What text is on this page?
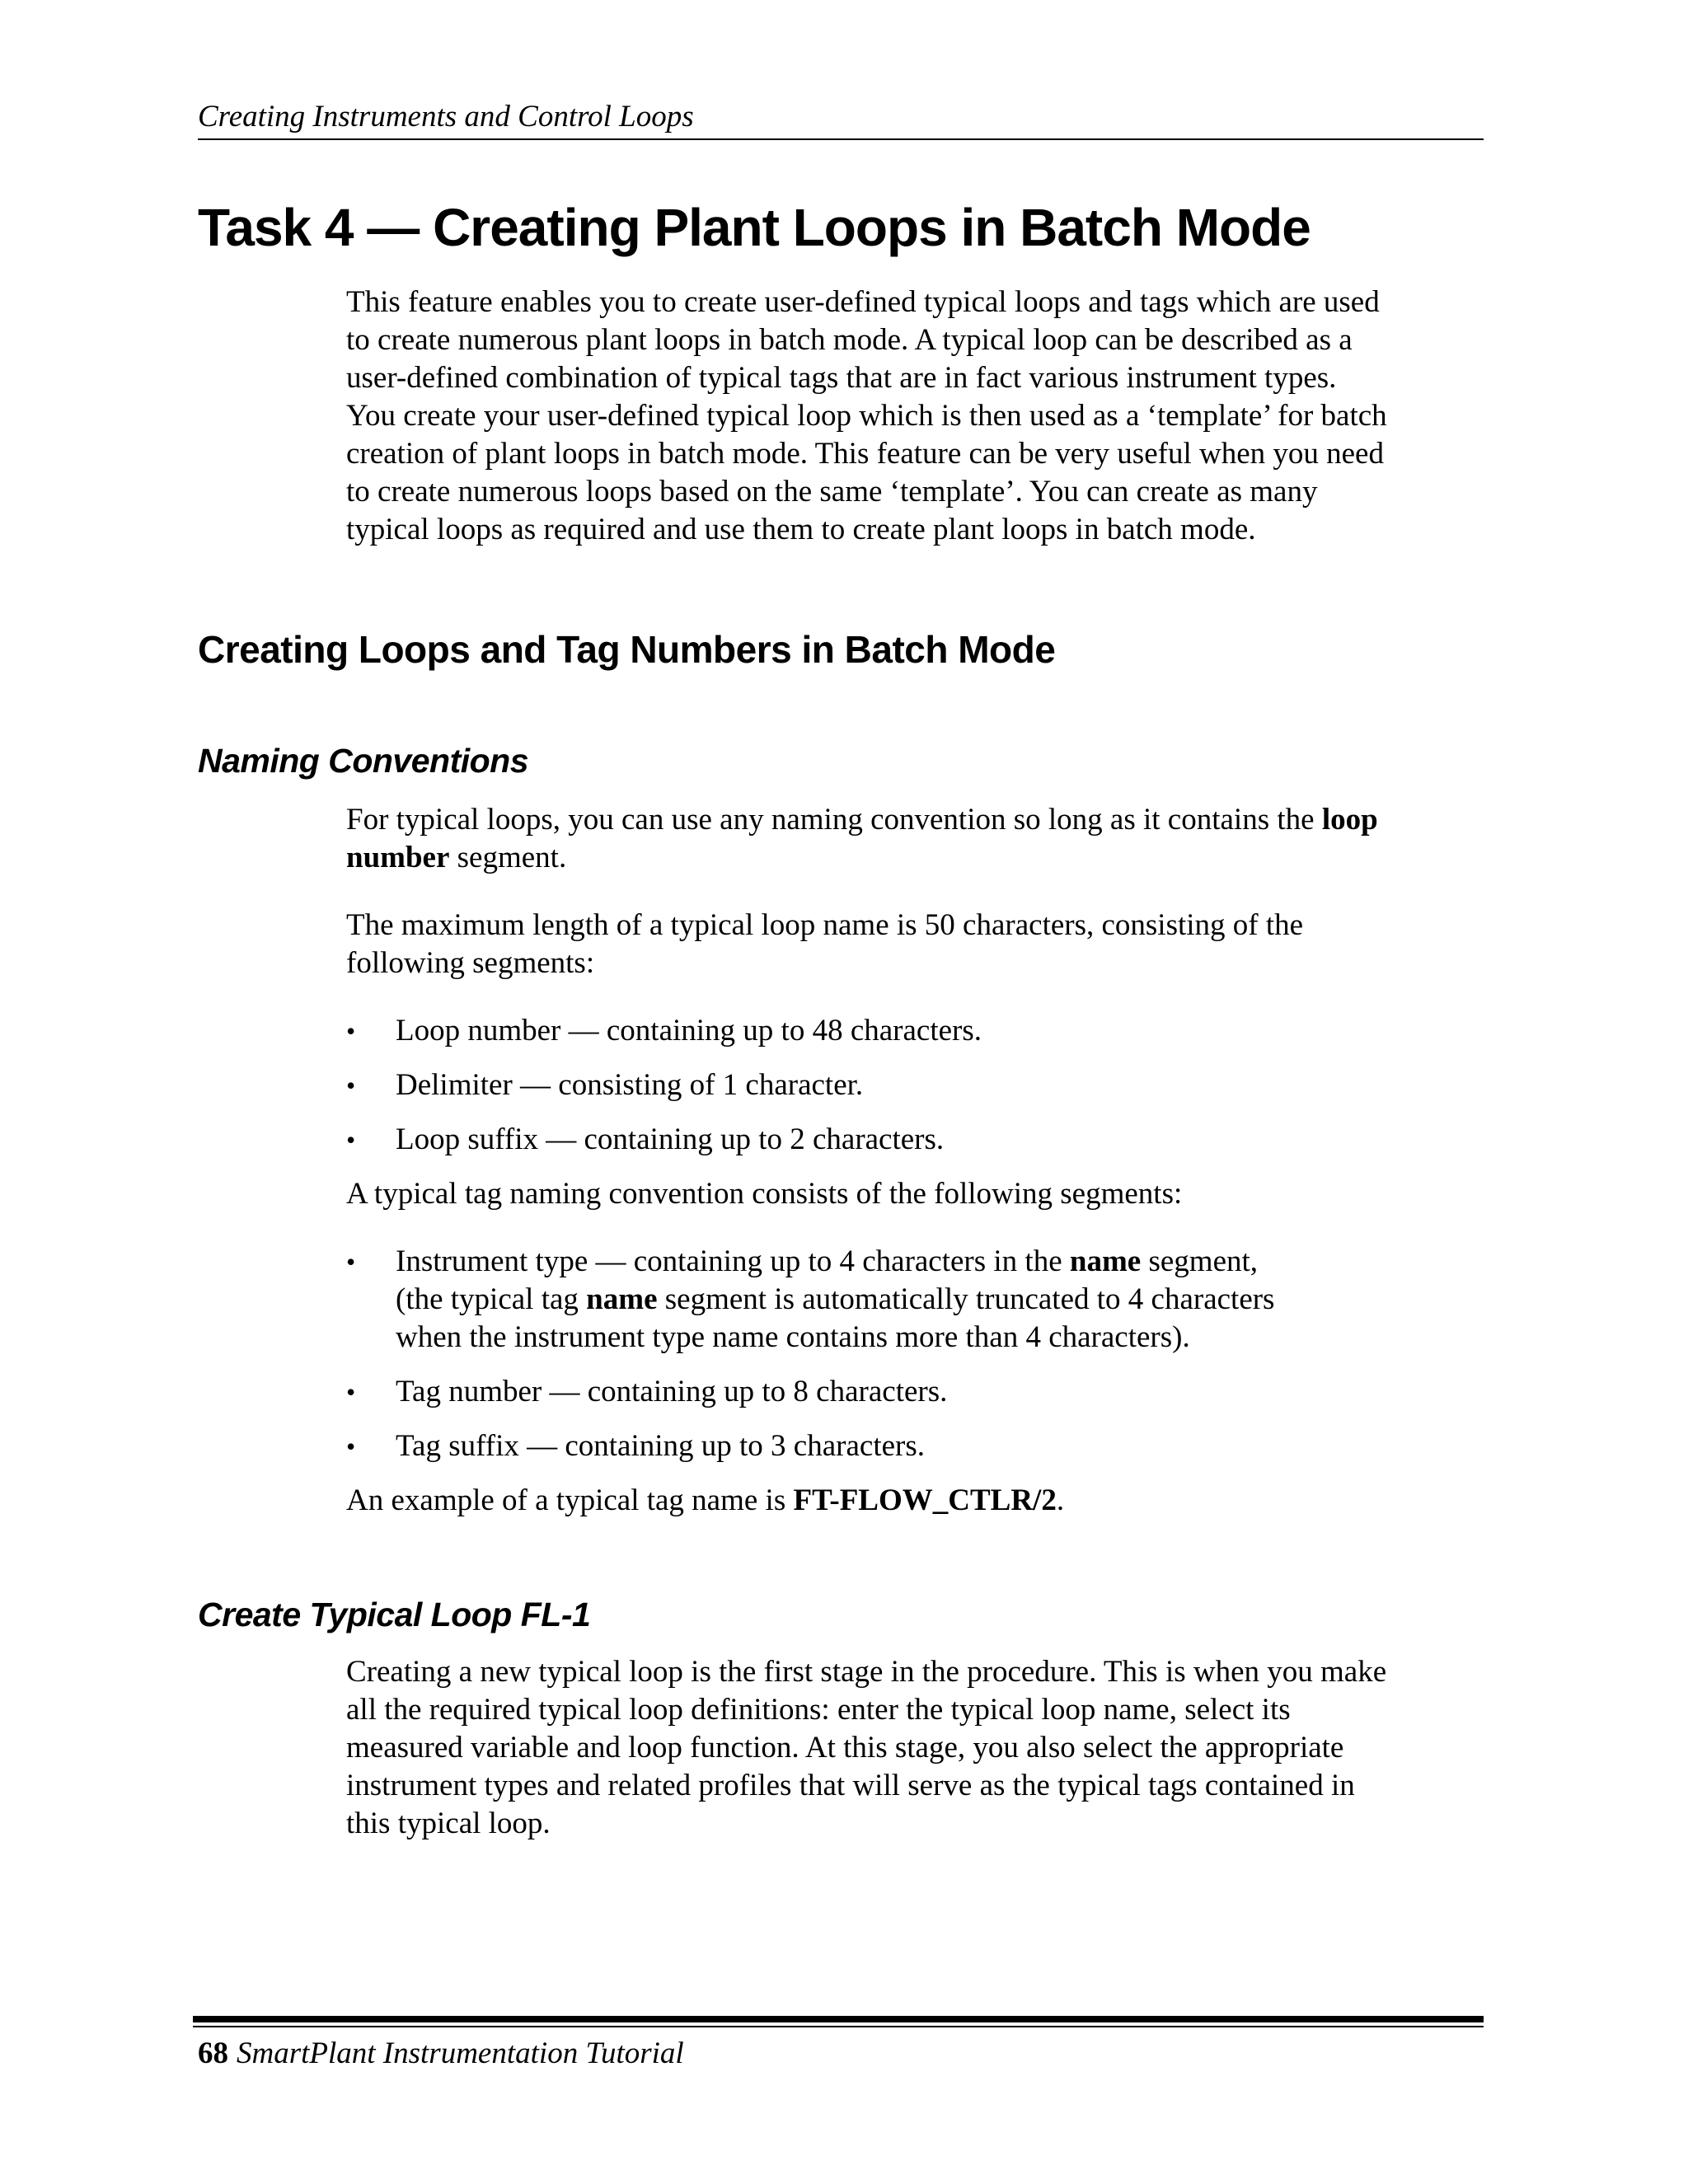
Creating Instruments and Control Loops
Task 4 — Creating Plant Loops in Batch Mode
This feature enables you to create user-defined typical loops and tags which are used
to create numerous plant loops in batch mode. A typical loop can be described as a
user-defined combination of typical tags that are in fact various instrument types.
You create your user-defined typical loop which is then used as a ‘template’ for batch
creation of plant loops in batch mode. This feature can be very useful when you need
to create numerous loops based on the same ‘template’. You can create as many
typical loops as required and use them to create plant loops in batch mode.
Creating Loops and Tag Numbers in Batch Mode
Naming Conventions

For typical loops, you can use any naming convention so long as it contains the loop
number segment.

The maximum length of a typical loop name is 50 characters, consisting of the
following segments:

• Loop number — containing up to 48 characters.
• Delimiter — consisting of 1 character.
• Loop suffix — containing up to 2 characters.

A typical tag naming convention consists of the following segments:

• Instrument type — containing up to 4 characters in the name segment,
(the typical tag name segment is automatically truncated to 4 characters
when the instrument type name contains more than 4 characters).
• Tag number — containing up to 8 characters.
• Tag suffix — containing up to 3 characters.

An example of a typical tag name is FT-FLOW_CTLR/2.

Create Typical Loop FL-1
Creating a new typical loop is the first stage in the procedure. This is when you make
all the required typical loop definitions: enter the typical loop name, select its
measured variable and loop function. At this stage, you also select the appropriate
instrument types and related profiles that will serve as the typical tags contained in
this typical loop.
68 SmartPlant Instrumentation Tutorial
